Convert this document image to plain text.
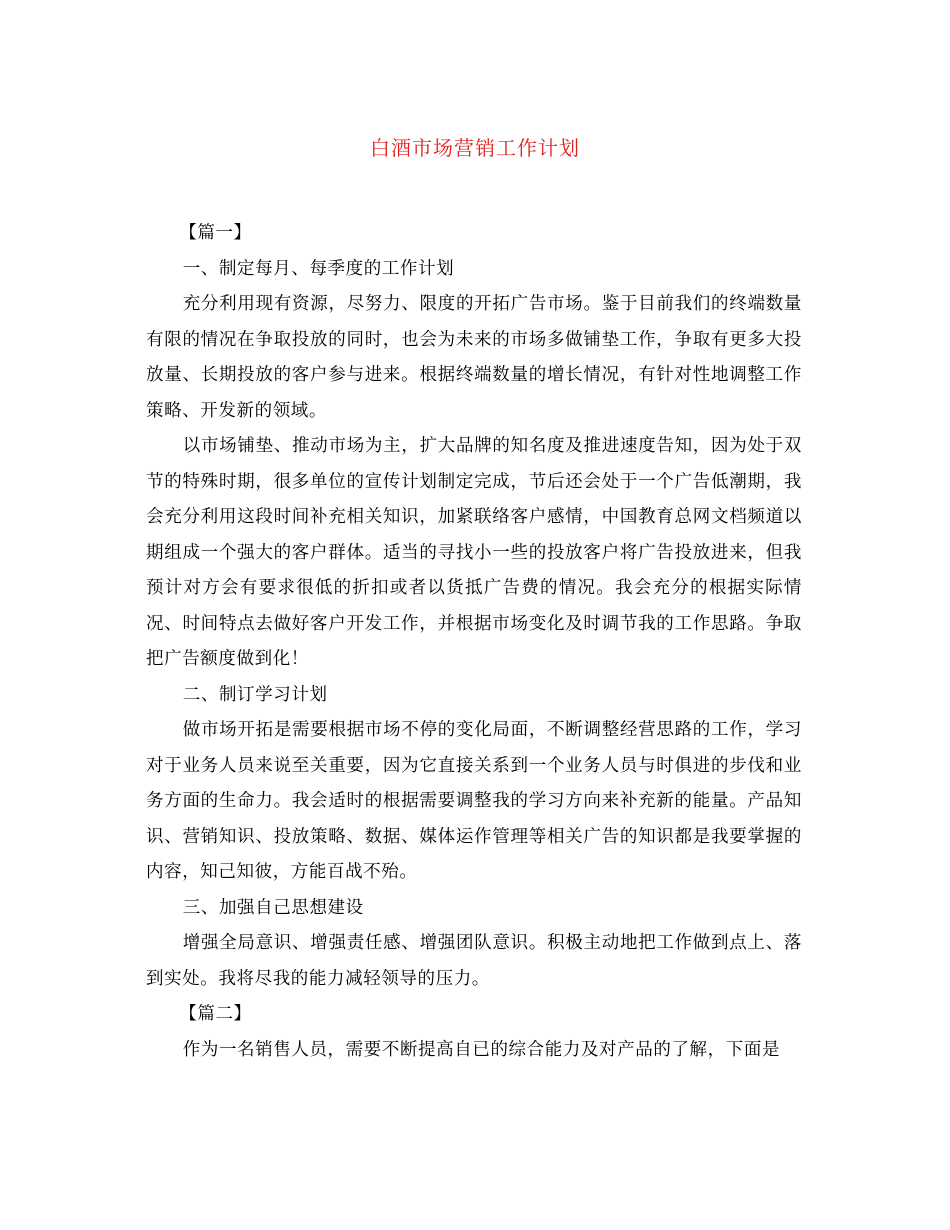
白酒市场营销工作计划

【篇一】

一、制定每月、每季度的工作计划

充分利用现有资源，尽努力、限度的开拓广告市场。鉴于目前我们的终端数量有限的情况在争取投放的同时，也会为未来的市场多做铺垫工作，争取有更多大投放量、长期投放的客户参与进来。根据终端数量的增长情况，有针对性地调整工作策略、开发新的领域。

以市场铺垫、推动市场为主，扩大品牌的知名度及推进速度告知，因为处于双节的特殊时期，很多单位的宣传计划制定完成，节后还会处于一个广告低潮期，我会充分利用这段时间补充相关知识，加紧联络客户感情，中国教育总网文档频道以期组成一个强大的客户群体。适当的寻找小一些的投放客户将广告投放进来，但我预计对方会有要求很低的折扣或者以货抵广告费的情况。我会充分的根据实际情况、时间特点去做好客户开发工作，并根据市场变化及时调节我的工作思路。争取把广告额度做到化！

二、制订学习计划

做市场开拓是需要根据市场不停的变化局面，不断调整经营思路的工作，学习对于业务人员来说至关重要，因为它直接关系到一个业务人员与时俱进的步伐和业务方面的生命力。我会适时的根据需要调整我的学习方向来补充新的能量。产品知识、营销知识、投放策略、数据、媒体运作管理等相关广告的知识都是我要掌握的内容，知己知彼，方能百战不殆。

三、加强自己思想建设

增强全局意识、增强责任感、增强团队意识。积极主动地把工作做到点上、落到实处。我将尽我的能力减轻领导的压力。

【篇二】

作为一名销售人员，需要不断提高自已的综合能力及对产品的了解，下面是
